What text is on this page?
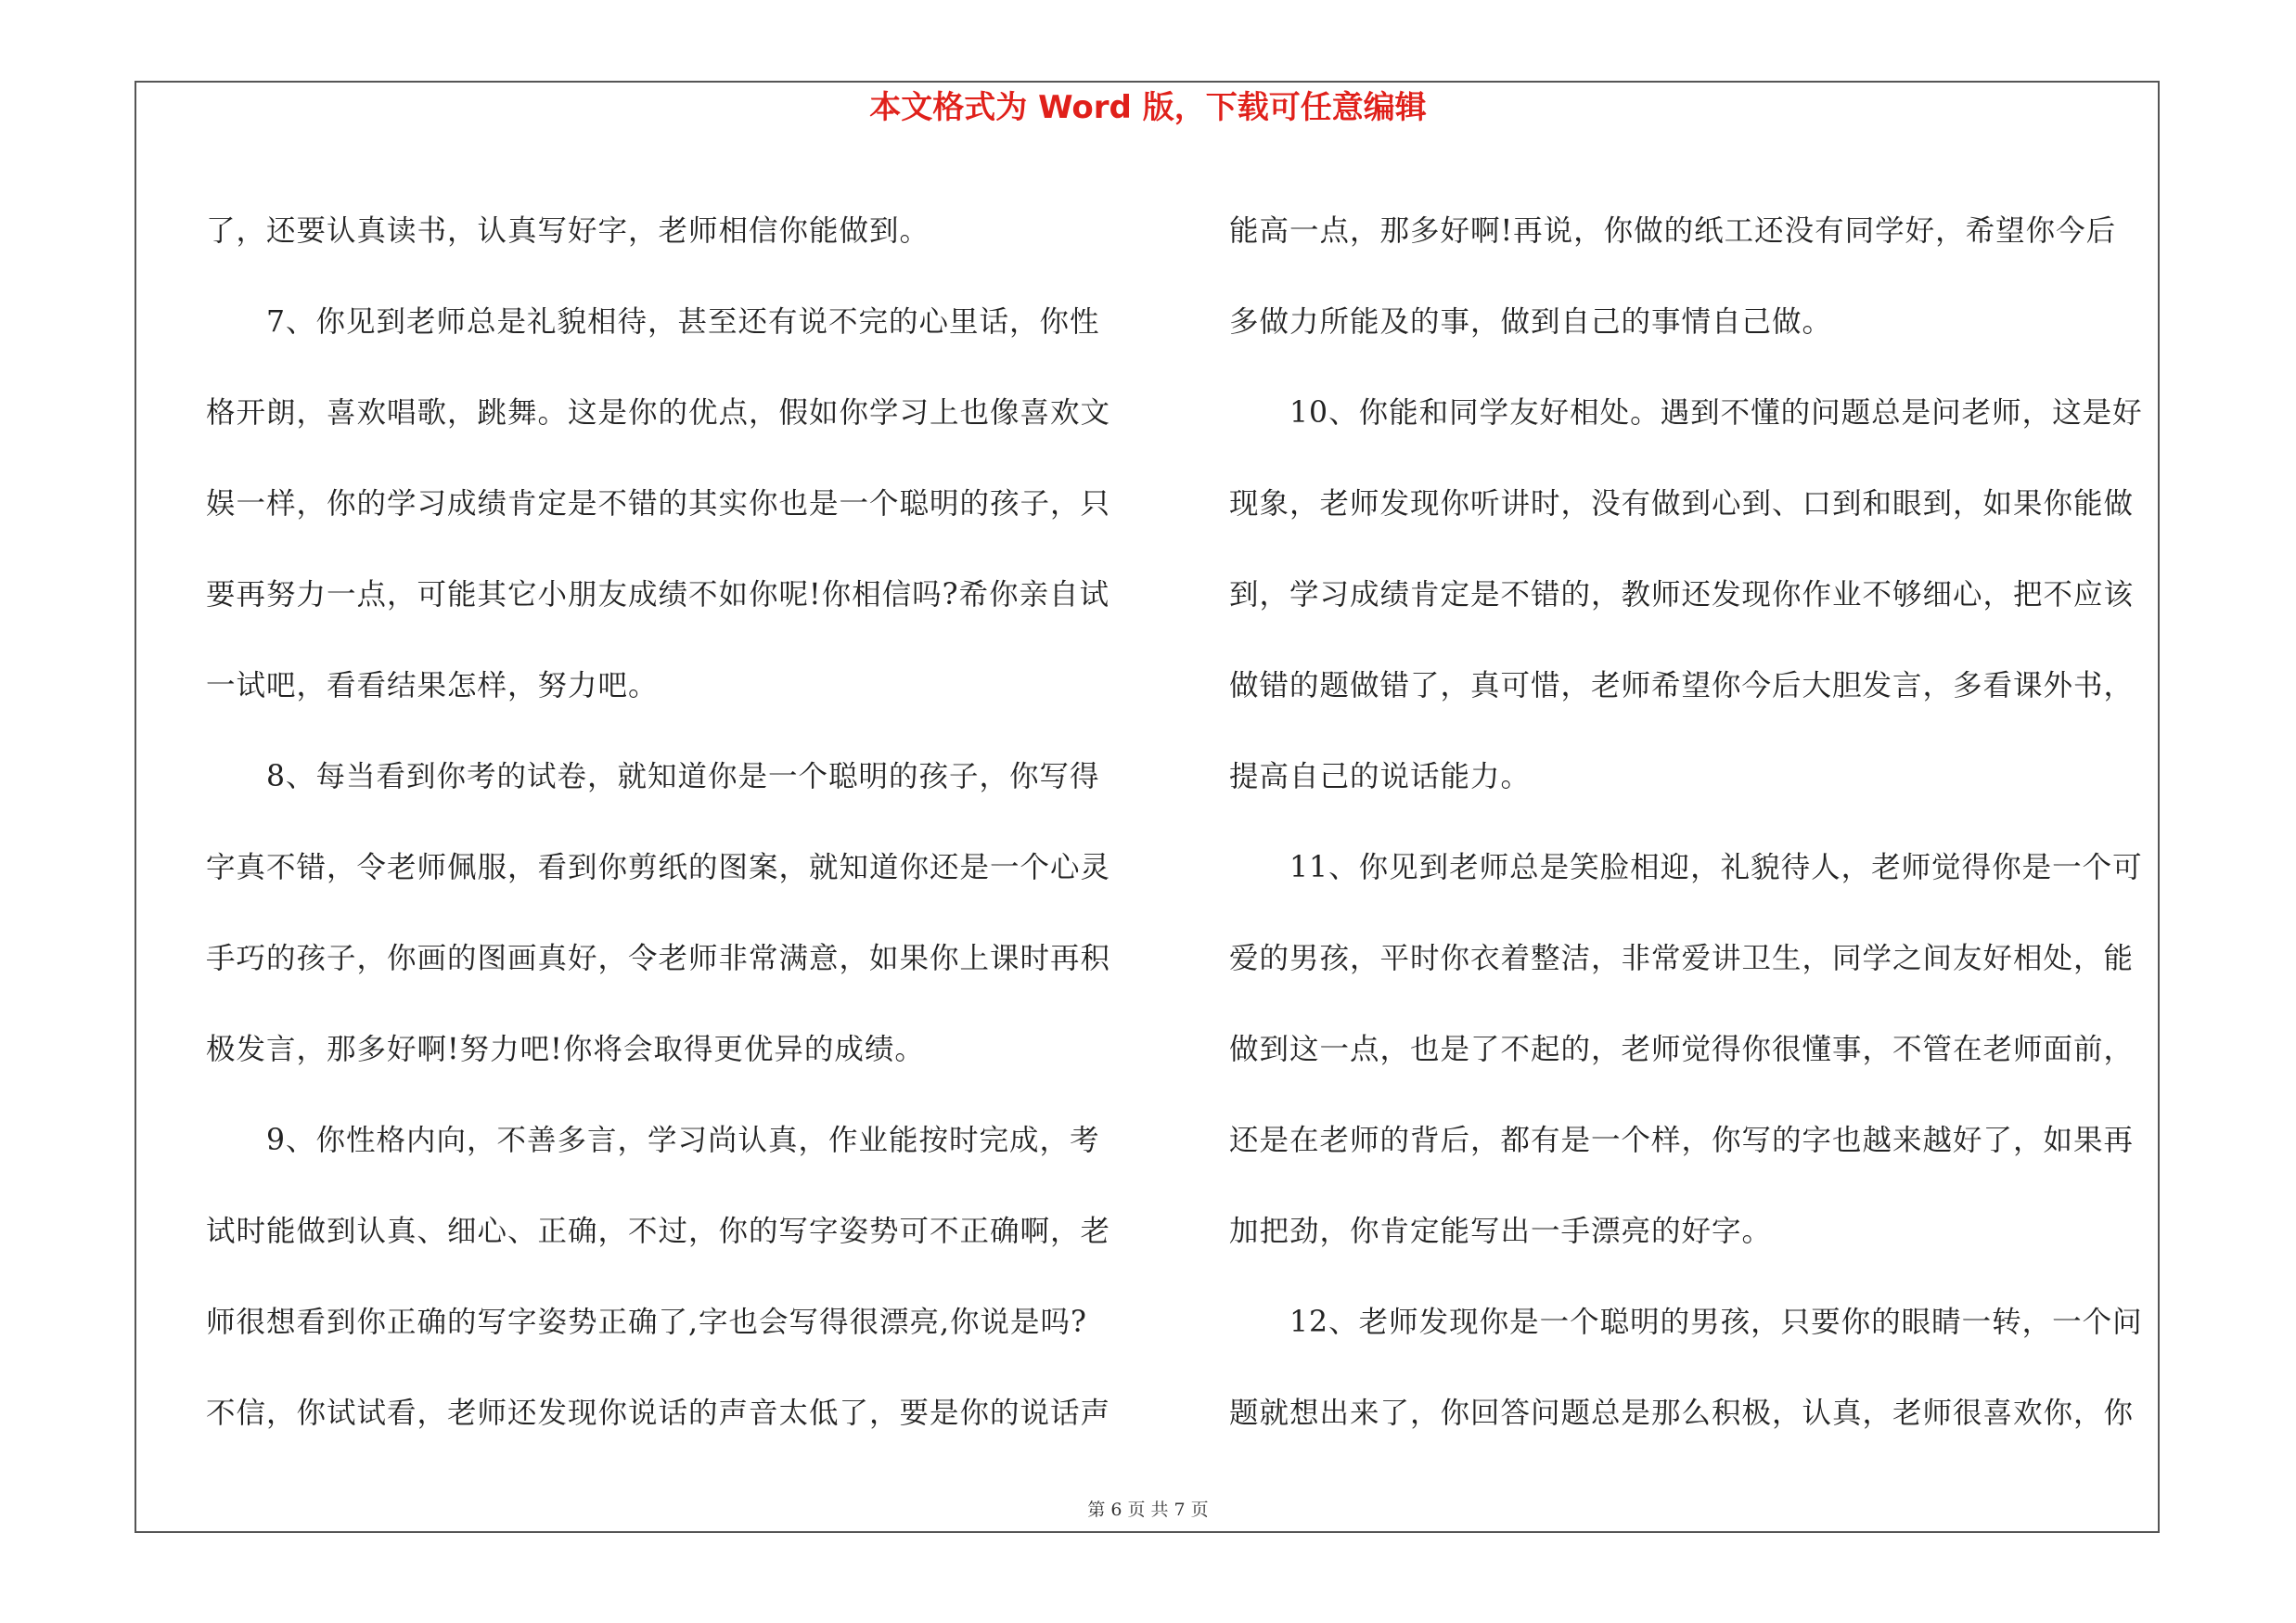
本文格式为 Word 版，下载可任意编辑

了，还要认真读书，认真写好字，老师相信你能做到。

　　7、你见到老师总是礼貌相待，甚至还有说不完的心里话，你性

格开朗，喜欢唱歌，跳舞。这是你的优点，假如你学习上也像喜欢文

娱一样，你的学习成绩肯定是不错的其实你也是一个聪明的孩子，只

要再努力一点，可能其它小朋友成绩不如你呢!你相信吗?希你亲自试

一试吧，看看结果怎样，努力吧。

　　8、每当看到你考的试卷，就知道你是一个聪明的孩子，你写得

字真不错，令老师佩服，看到你剪纸的图案，就知道你还是一个心灵

手巧的孩子，你画的图画真好，令老师非常满意，如果你上课时再积

极发言，那多好啊!努力吧!你将会取得更优异的成绩。

　　9、你性格内向，不善多言，学习尚认真，作业能按时完成，考

试时能做到认真、细心、正确，不过，你的写字姿势可不正确啊，老

师很想看到你正确的写字姿势正确了,字也会写得很漂亮,你说是吗?

不信，你试试看，老师还发现你说话的声音太低了，要是你的说话声

能高一点，那多好啊!再说，你做的纸工还没有同学好，希望你今后

多做力所能及的事，做到自己的事情自己做。

　　10、你能和同学友好相处。遇到不懂的问题总是问老师，这是好

现象，老师发现你听讲时，没有做到心到、口到和眼到，如果你能做

到，学习成绩肯定是不错的，教师还发现你作业不够细心，把不应该

做错的题做错了，真可惜，老师希望你今后大胆发言，多看课外书，

提高自己的说话能力。

　　11、你见到老师总是笑脸相迎，礼貌待人，老师觉得你是一个可

爱的男孩，平时你衣着整洁，非常爱讲卫生，同学之间友好相处，能

做到这一点，也是了不起的，老师觉得你很懂事，不管在老师面前，

还是在老师的背后，都有是一个样，你写的字也越来越好了，如果再

加把劲，你肯定能写出一手漂亮的好字。

　　12、老师发现你是一个聪明的男孩，只要你的眼睛一转，一个问

题就想出来了，你回答问题总是那么积极，认真，老师很喜欢你，你

第 6 页 共 7 页
